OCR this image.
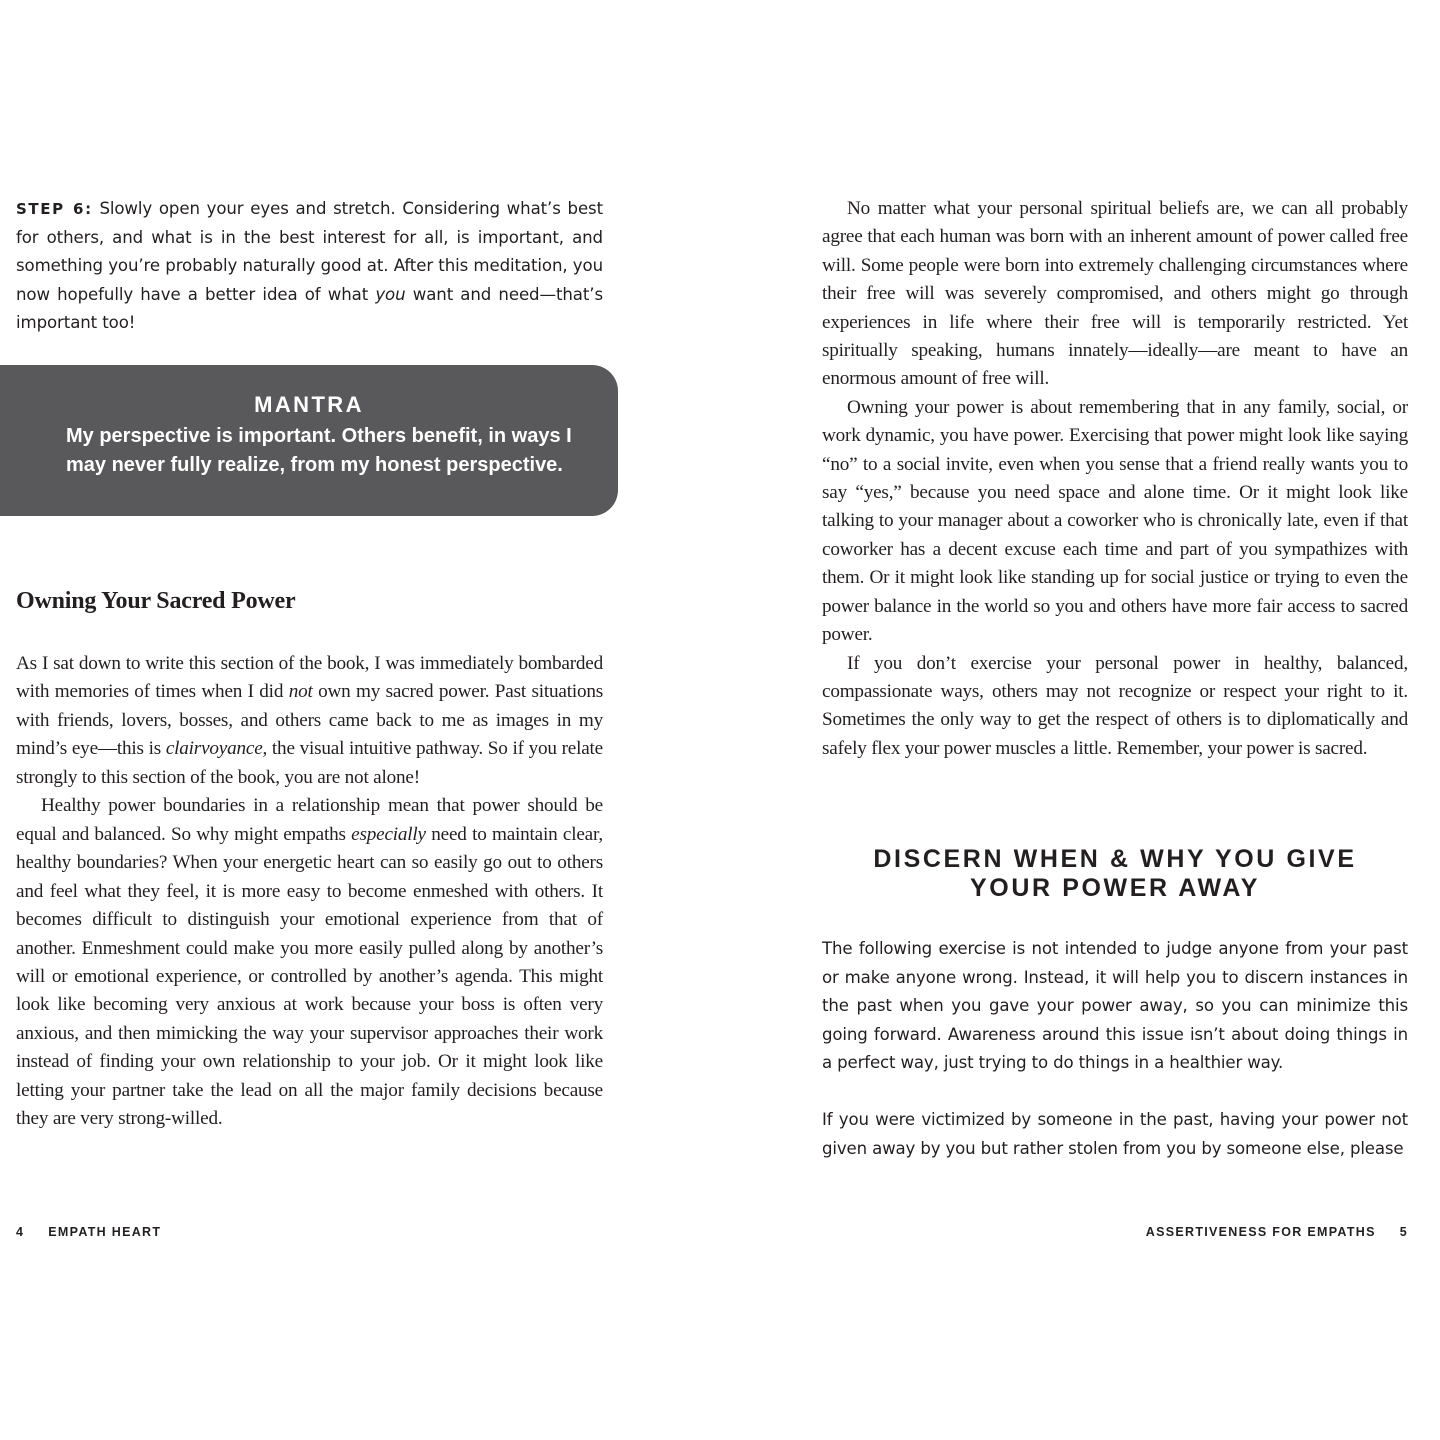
STEP 6: Slowly open your eyes and stretch. Considering what’s best for others, and what is in the best interest for all, is important, and something you’re probably naturally good at. After this meditation, you now hopefully have a better idea of what you want and need—that’s important too!
MANTRA
My perspective is important. Others benefit, in ways I may never fully realize, from my honest perspective.
Owning Your Sacred Power

As I sat down to write this section of the book, I was immediately bombarded with memories of times when I did not own my sacred power. Past situations with friends, lovers, bosses, and others came back to me as images in my mind’s eye—this is clairvoyance, the visual intuitive pathway. So if you relate strongly to this section of the book, you are not alone!

Healthy power boundaries in a relationship mean that power should be equal and balanced. So why might empaths especially need to maintain clear, healthy boundaries? When your energetic heart can so easily go out to others and feel what they feel, it is more easy to become enmeshed with others. It becomes difficult to distinguish your emotional experience from that of another. Enmeshment could make you more easily pulled along by another’s will or emotional experience, or controlled by another’s agenda. This might look like becoming very anxious at work because your boss is often very anxious, and then mimicking the way your supervisor approaches their work instead of finding your own relationship to your job. Or it might look like letting your partner take the lead on all the major family decisions because they are very strong-willed.

4 EMPATH HEART

No matter what your personal spiritual beliefs are, we can all probably agree that each human was born with an inherent amount of power called free will. Some people were born into extremely challenging circumstances where their free will was severely compromised, and others might go through experiences in life where their free will is temporarily restricted. Yet spiritually speaking, humans innately—ideally—are meant to have an enormous amount of free will.

Owning your power is about remembering that in any family, social, or work dynamic, you have power. Exercising that power might look like saying “no” to a social invite, even when you sense that a friend really wants you to say “yes,” because you need space and alone time. Or it might look like talking to your manager about a coworker who is chronically late, even if that coworker has a decent excuse each time and part of you sympathizes with them. Or it might look like standing up for social justice or trying to even the power balance in the world so you and others have more fair access to sacred power.

If you don’t exercise your personal power in healthy, balanced, compassionate ways, others may not recognize or respect your right to it. Sometimes the only way to get the respect of others is to diplomatically and safely flex your power muscles a little. Remember, your power is sacred.

DISCERN WHEN & WHY YOU GIVE
YOUR POWER AWAY

The following exercise is not intended to judge anyone from your past or make anyone wrong. Instead, it will help you to discern instances in the past when you gave your power away, so you can minimize this going forward. Awareness around this issue isn’t about doing things in a perfect way, just trying to do things in a healthier way.

If you were victimized by someone in the past, having your power not given away by you but rather stolen from you by someone else, please

ASSERTIVENESS FOR EMPATHS 5
